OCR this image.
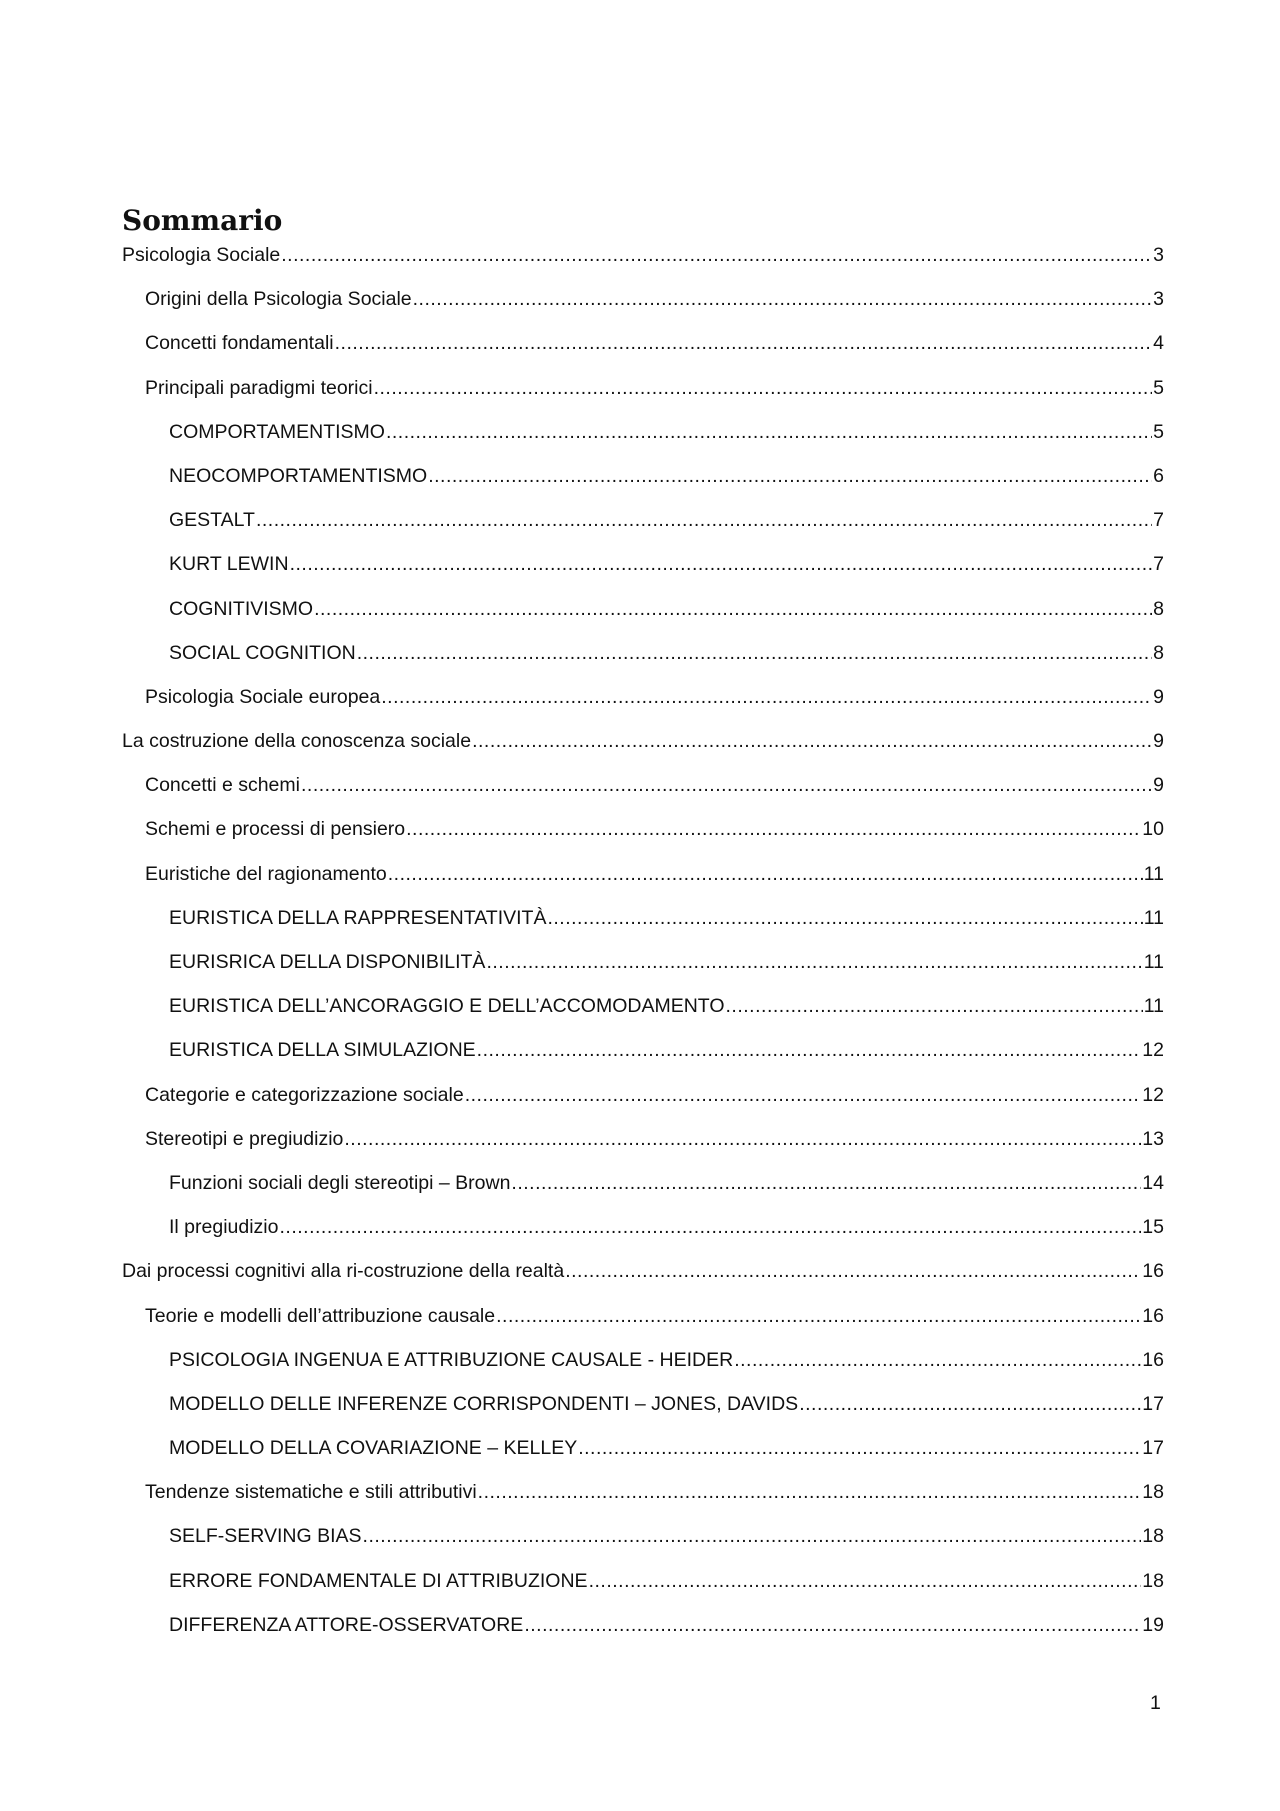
Sommario
Psicologia Sociale .....	3
Origini della Psicologia Sociale .....	3
Concetti fondamentali .....	4
Principali paradigmi teorici .....	5
COMPORTAMENTISMO .....	5
NEOCOMPORTAMENTISMO .....	6
GESTALT .....	7
KURT LEWIN .....	7
COGNITIVISMO .....	8
SOCIAL COGNITION .....	8
Psicologia Sociale europea .....	9
La costruzione della conoscenza sociale .....	9
Concetti e schemi .....	9
Schemi e processi di pensiero .....	10
Euristiche del ragionamento .....	11
EURISTICA DELLA RAPPRESENTATIVITÀ .....	11
EURISRICA DELLA DISPONIBILITÀ .....	11
EURISTICA DELL’ANCORAGGIO E DELL’ACCOMODAMENTO .....	11
EURISTICA DELLA SIMULAZIONE .....	12
Categorie e categorizzazione sociale .....	12
Stereotipi e pregiudizio .....	13
Funzioni sociali degli stereotipi – Brown .....	14
Il pregiudizio .....	15
Dai processi cognitivi alla ri-costruzione della realtà .....	16
Teorie e modelli dell’attribuzione causale .....	16
PSICOLOGIA INGENUA E ATTRIBUZIONE CAUSALE - HEIDER .....	16
MODELLO DELLE INFERENZE CORRISPONDENTI – JONES, DAVIDS .....	17
MODELLO DELLA COVARIAZIONE – KELLEY .....	17
Tendenze sistematiche e stili attributivi .....	18
SELF-SERVING BIAS .....	18
ERRORE FONDAMENTALE DI ATTRIBUZIONE .....	18
DIFFERENZA ATTORE-OSSERVATORE .....	19
1
